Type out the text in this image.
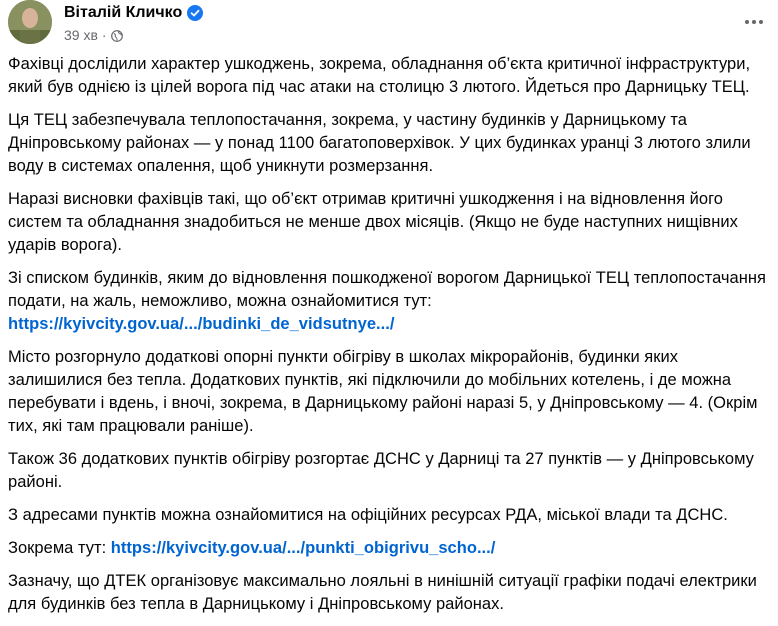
Віталій Кличко
39 хв ·

Фахівці дослідили характер ушкоджень, зокрема, обладнання об’єкта критичної інфраструктури, який був однією із цілей ворога під час атаки на столицю 3 лютого. Йдеться про Дарницьку ТЕЦ.

Ця ТЕЦ забезпечувала теплопостачання, зокрема, у частину будинків у Дарницькому та Дніпровському районах — у понад 1100 багатоповерхівок. У цих будинках уранці 3 лютого злили воду в системах опалення, щоб уникнути розмерзання.

Наразі висновки фахівців такі, що об’єкт отримав критичні ушкодження і на відновлення його систем та обладнання знадобиться не менше двох місяців. (Якщо не буде наступних нищівних ударів ворога).

Зі списком будинків, яким до відновлення пошкодженої ворогом Дарницької ТЕЦ теплопостачання подати, на жаль, неможливо, можна ознайомитися тут:
https://kyivcity.gov.ua/.../budinki_de_vidsutnye.../

Місто розгорнуло додаткові опорні пункти обігріву в школах мікрорайонів, будинки яких залишилися без тепла. Додаткових пунктів, які підключили до мобільних котелень, і де можна перебувати і вдень, і вночі, зокрема, в Дарницькому районі наразі 5, у Дніпровському — 4. (Окрім тих, які там працювали раніше).

Також 36 додаткових пунктів обігріву розгортає ДСНС у Дарниці та 27 пунктів — у Дніпровському районі.

З адресами пунктів можна ознайомитися на офіційних ресурсах РДА, міської влади та ДСНС.

Зокрема тут: https://kyivcity.gov.ua/.../punkti_obigrivu_scho.../

Зазначу, що ДТЕК організовує максимально лояльні в нинішній ситуації графіки подачі електрики для будинків без тепла в Дарницькому і Дніпровському районах.
